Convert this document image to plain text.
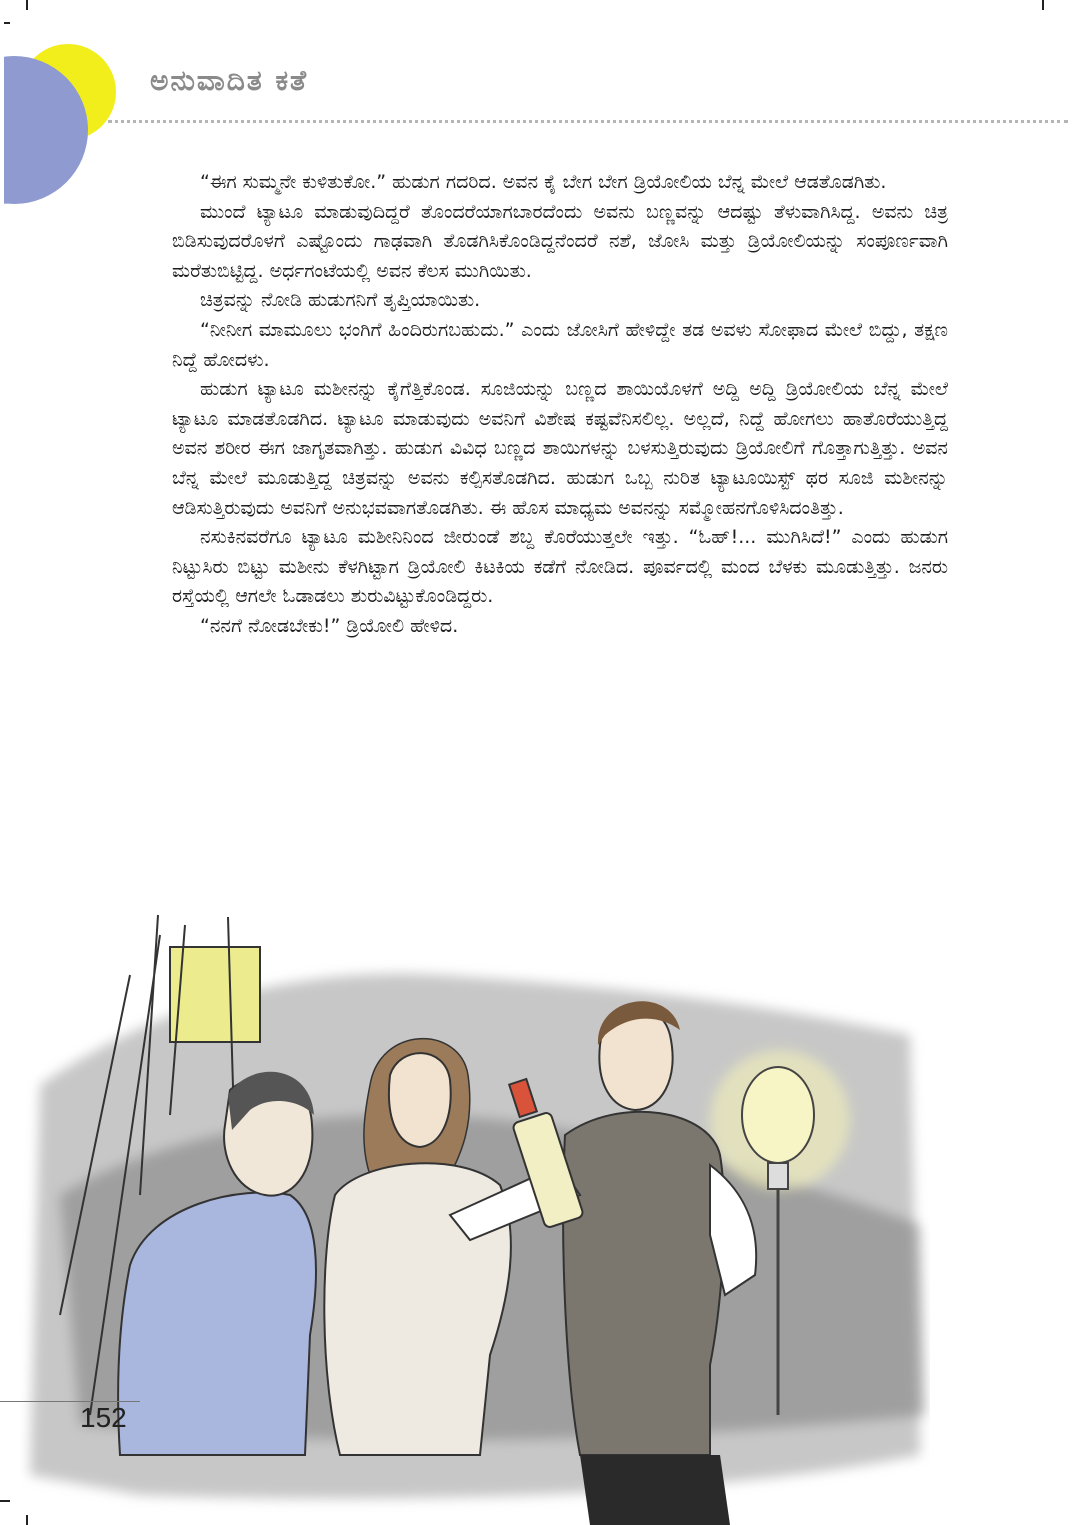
ಅನುವಾದಿತ ಕತೆ

“ಈಗ ಸುಮ್ಮನೇ ಕುಳಿತುಕೋ.” ಹುಡುಗ ಗದರಿದ. ಅವನ ಕೈ ಬೇಗ ಬೇಗ ಡ್ರಿಯೋಲಿಯ ಬೆನ್ನ ಮೇಲೆ ಆಡತೊಡಗಿತು.

ಮುಂದೆ ಟ್ಯಾಟೂ ಮಾಡುವುದಿದ್ದರೆ ತೊಂದರೆಯಾಗಬಾರದೆಂದು ಅವನು ಬಣ್ಣವನ್ನು ಆದಷ್ಟು ತೆಳುವಾಗಿಸಿದ್ದ. ಅವನು ಚಿತ್ರ ಬಿಡಿಸುವುದರೊಳಗೆ ಎಷ್ಟೊಂದು ಗಾಢವಾಗಿ ತೊಡಗಿಸಿಕೊಂಡಿದ್ದನೆಂದರೆ ನಶೆ, ಜೋಸಿ ಮತ್ತು ಡ್ರಿಯೋಲಿಯನ್ನು ಸಂಪೂರ್ಣವಾಗಿ ಮರೆತುಬಿಟ್ಟಿದ್ದ. ಅರ್ಧಗಂಟೆಯಲ್ಲಿ ಅವನ ಕೆಲಸ ಮುಗಿಯಿತು.

ಚಿತ್ರವನ್ನು ನೋಡಿ ಹುಡುಗನಿಗೆ ತೃಪ್ತಿಯಾಯಿತು.

“ನೀನೀಗ ಮಾಮೂಲು ಭಂಗಿಗೆ ಹಿಂದಿರುಗಬಹುದು.” ಎಂದು ಜೋಸಿಗೆ ಹೇಳಿದ್ದೇ ತಡ ಅವಳು ಸೋಫಾದ ಮೇಲೆ ಬಿದ್ದು, ತಕ್ಷಣ ನಿದ್ದೆ ಹೋದಳು.

ಹುಡುಗ ಟ್ಯಾಟೂ ಮಶೀನನ್ನು ಕೈಗೆತ್ತಿಕೊಂಡ. ಸೂಜಿಯನ್ನು ಬಣ್ಣದ ಶಾಯಿಯೊಳಗೆ ಅದ್ದಿ ಅದ್ದಿ ಡ್ರಿಯೋಲಿಯ ಬೆನ್ನ ಮೇಲೆ ಟ್ಯಾಟೂ ಮಾಡತೊಡಗಿದ. ಟ್ಯಾಟೂ ಮಾಡುವುದು ಅವನಿಗೆ ವಿಶೇಷ ಕಷ್ಟವೆನಿಸಲಿಲ್ಲ. ಅಲ್ಲದೆ, ನಿದ್ದೆ ಹೋಗಲು ಹಾತೊರೆಯುತ್ತಿದ್ದ ಅವನ ಶರೀರ ಈಗ ಜಾಗೃತವಾಗಿತ್ತು. ಹುಡುಗ ವಿವಿಧ ಬಣ್ಣದ ಶಾಯಿಗಳನ್ನು ಬಳಸುತ್ತಿರುವುದು ಡ್ರಿಯೋಲಿಗೆ ಗೊತ್ತಾಗುತ್ತಿತ್ತು. ಅವನ ಬೆನ್ನ ಮೇಲೆ ಮೂಡುತ್ತಿದ್ದ ಚಿತ್ರವನ್ನು ಅವನು ಕಲ್ಪಿಸತೊಡಗಿದ. ಹುಡುಗ ಒಬ್ಬ ನುರಿತ ಟ್ಯಾಟೂಯಿಸ್ಟ್ ಥರ ಸೂಜಿ ಮಶೀನನ್ನು ಆಡಿಸುತ್ತಿರುವುದು ಅವನಿಗೆ ಅನುಭವವಾಗತೊಡಗಿತು. ಈ ಹೊಸ ಮಾಧ್ಯಮ ಅವನನ್ನು ಸಮ್ಮೋಹನಗೊಳಿಸಿದಂತಿತ್ತು.

ನಸುಕಿನವರೆಗೂ ಟ್ಯಾಟೂ ಮಶೀನಿನಿಂದ ಜೀರುಂಡೆ ಶಬ್ದ ಕೊರೆಯುತ್ತಲೇ ಇತ್ತು. “ಓಹ್!... ಮುಗಿಸಿದೆ!” ಎಂದು ಹುಡುಗ ನಿಟ್ಟುಸಿರು ಬಿಟ್ಟು ಮಶೀನು ಕೆಳಗಿಟ್ಟಾಗ ಡ್ರಿಯೋಲಿ ಕಿಟಕಿಯ ಕಡೆಗೆ ನೋಡಿದ. ಪೂರ್ವದಲ್ಲಿ ಮಂದ ಬೆಳಕು ಮೂಡುತ್ತಿತ್ತು. ಜನರು ರಸ್ತೆಯಲ್ಲಿ ಆಗಲೇ ಓಡಾಡಲು ಶುರುವಿಟ್ಟುಕೊಂಡಿದ್ದರು.

“ನನಗೆ ನೋಡಬೇಕು!” ಡ್ರಿಯೋಲಿ ಹೇಳಿದ.

152
